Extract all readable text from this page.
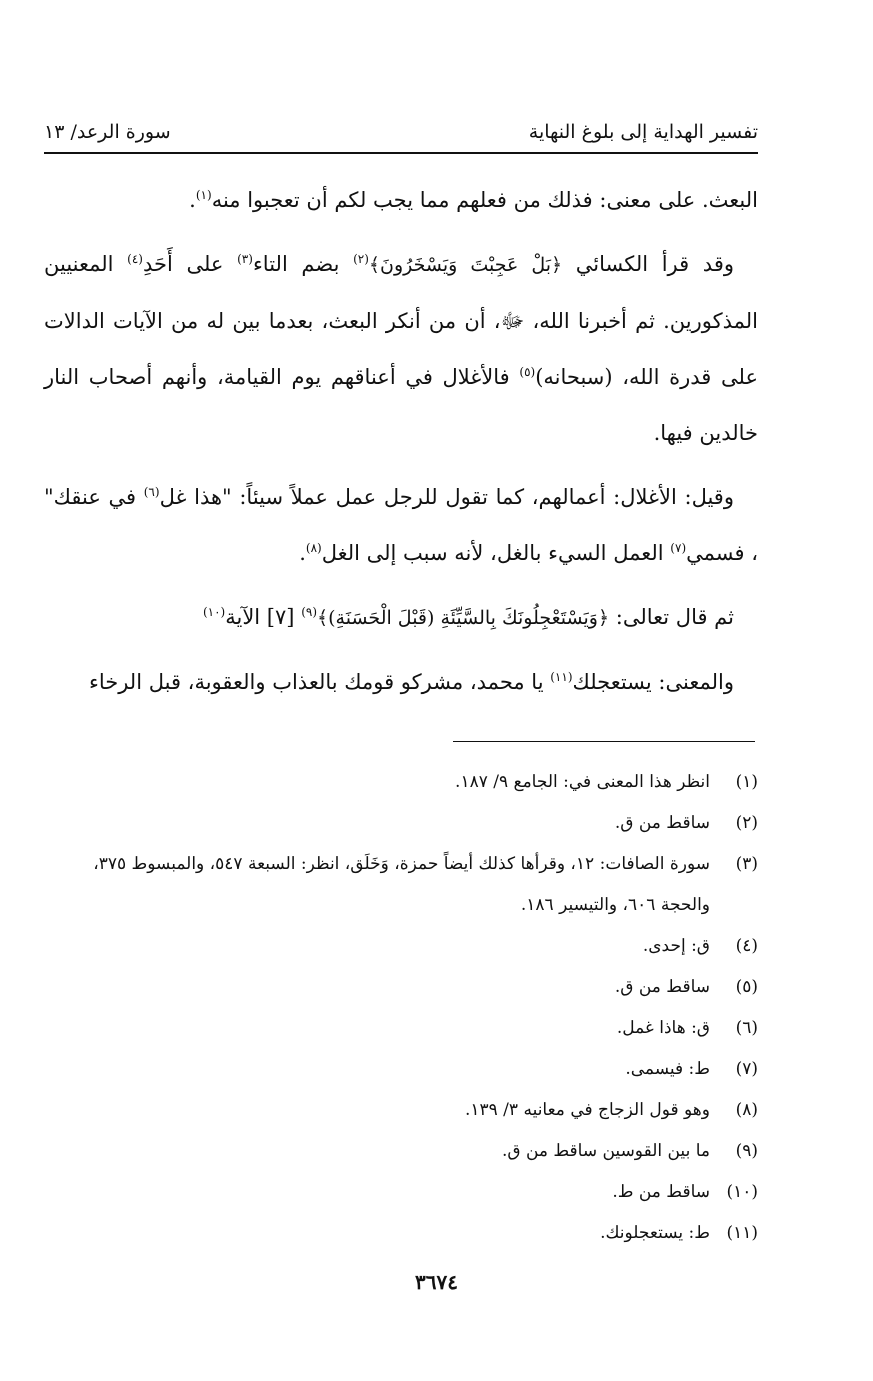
تفسير الهداية إلى بلوغ النهاية
سورة الرعد/ ١٣

البعث. على معنى: فذلك من فعلهم مما يجب لكم أن تعجبوا منه$^{(١)}$.

وقد قرأ الكسائي ﴿بَلْ عَجِبْتَ وَيَسْخَرُونَ﴾$^{(٢)}$ بضم التاء$^{(٣)}$ على أَحَدِ$^{(٤)}$ المعنيين المذكورين. ثم أخبرنا الله، ﷻ، أن من أنكر البعث، بعدما بين له من الآيات الدالات على قدرة الله، (سبحانه)$^{(٥)}$ فالأغلال في أعناقهم يوم القيامة، وأنهم أصحاب النار خالدين فيها.

وقيل: الأغلال: أعمالهم، كما تقول للرجل عمل عملاً سيئاً: "هذا غل$^{(٦)}$ في عنقك" ، فسمي$^{(٧)}$ العمل السيء بالغل، لأنه سبب إلى الغل$^{(٨)}$.

ثم قال تعالى: ﴿وَيَسْتَعْجِلُونَكَ بِالسَّيِّئَةِ (قَبْلَ الْحَسَنَةِ)﴾$^{(٩)}$ [٧] الآية$^{(١٠)}$

والمعنى: يستعجلك$^{(١١)}$ يا محمد، مشركو قومك بالعذاب والعقوبة، قبل الرخاء

(١)
انظر هذا المعنى في: الجامع ٩/ ١٨٧.
(٢)
ساقط من ق.
(٣)
سورة الصافات: ١٢، وقرأها كذلك أيضاً حمزة، وَخَلَق، انظر: السبعة ٥٤٧، والمبسوط ٣٧٥، والحجة ٦٠٦، والتيسير ١٨٦.
(٤)
ق: إحدى.
(٥)
ساقط من ق.
(٦)
ق: هاذا غمل.
(٧)
ط: فيسمى.
(٨)
وهو قول الزجاج في معانيه ٣/ ١٣٩.
(٩)
ما بين القوسين ساقط من ق.
(١٠)
ساقط من ط.
(١١)
ط: يستعجلونك.
٣٦٧٤
